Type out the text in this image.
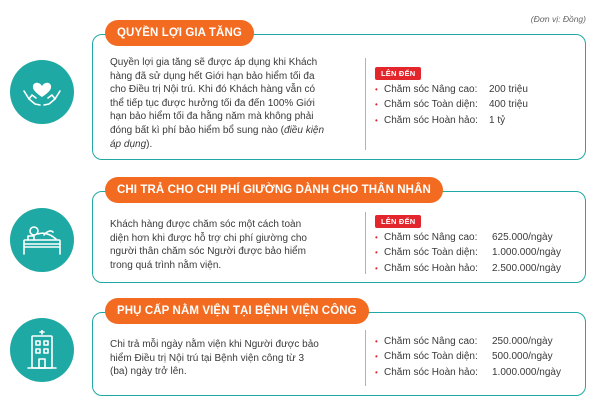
(Đơn vị: Đồng)
QUYỀN LỢI GIA TĂNG
Quyền lợi gia tăng sẽ được áp dụng khi Khách
hàng đã sử dụng hết Giới hạn bảo hiểm tối đa
cho Điều trị Nội trú. Khi đó Khách hàng vẫn có
thể tiếp tục được hưởng tối đa đến 100% Giới
hạn bảo hiểm tối đa hằng năm mà không phải
đóng bất kì phí bảo hiểm bổ sung nào (điều kiện
áp dụng).
LÊN ĐẾN
• Chăm sóc Nâng cao:	200 triệu
• Chăm sóc Toàn diện:	400 triệu
• Chăm sóc Hoàn hảo:	1 tỷ
CHI TRẢ CHO CHI PHÍ GIƯỜNG DÀNH CHO THÂN NHÂN
Khách hàng được chăm sóc một cách toàn
diện hơn khi được hỗ trợ chi phí giường cho
người thân chăm sóc Người được bảo hiểm
trong quá trình nằm viện.
LÊN ĐẾN
• Chăm sóc Nâng cao:	625.000/ngày
• Chăm sóc Toàn diện:	1.000.000/ngày
• Chăm sóc Hoàn hảo:	2.500.000/ngày
PHỤ CẤP NẰM VIỆN TẠI BỆNH VIỆN CÔNG
Chi trả mỗi ngày nằm viện khi Người được bảo
hiểm Điều trị Nội trú tại Bệnh viện công từ 3
(ba) ngày trở lên.
• Chăm sóc Nâng cao:	250.000/ngày
• Chăm sóc Toàn diện:	500.000/ngày
• Chăm sóc Hoàn hảo:	1.000.000/ngày
